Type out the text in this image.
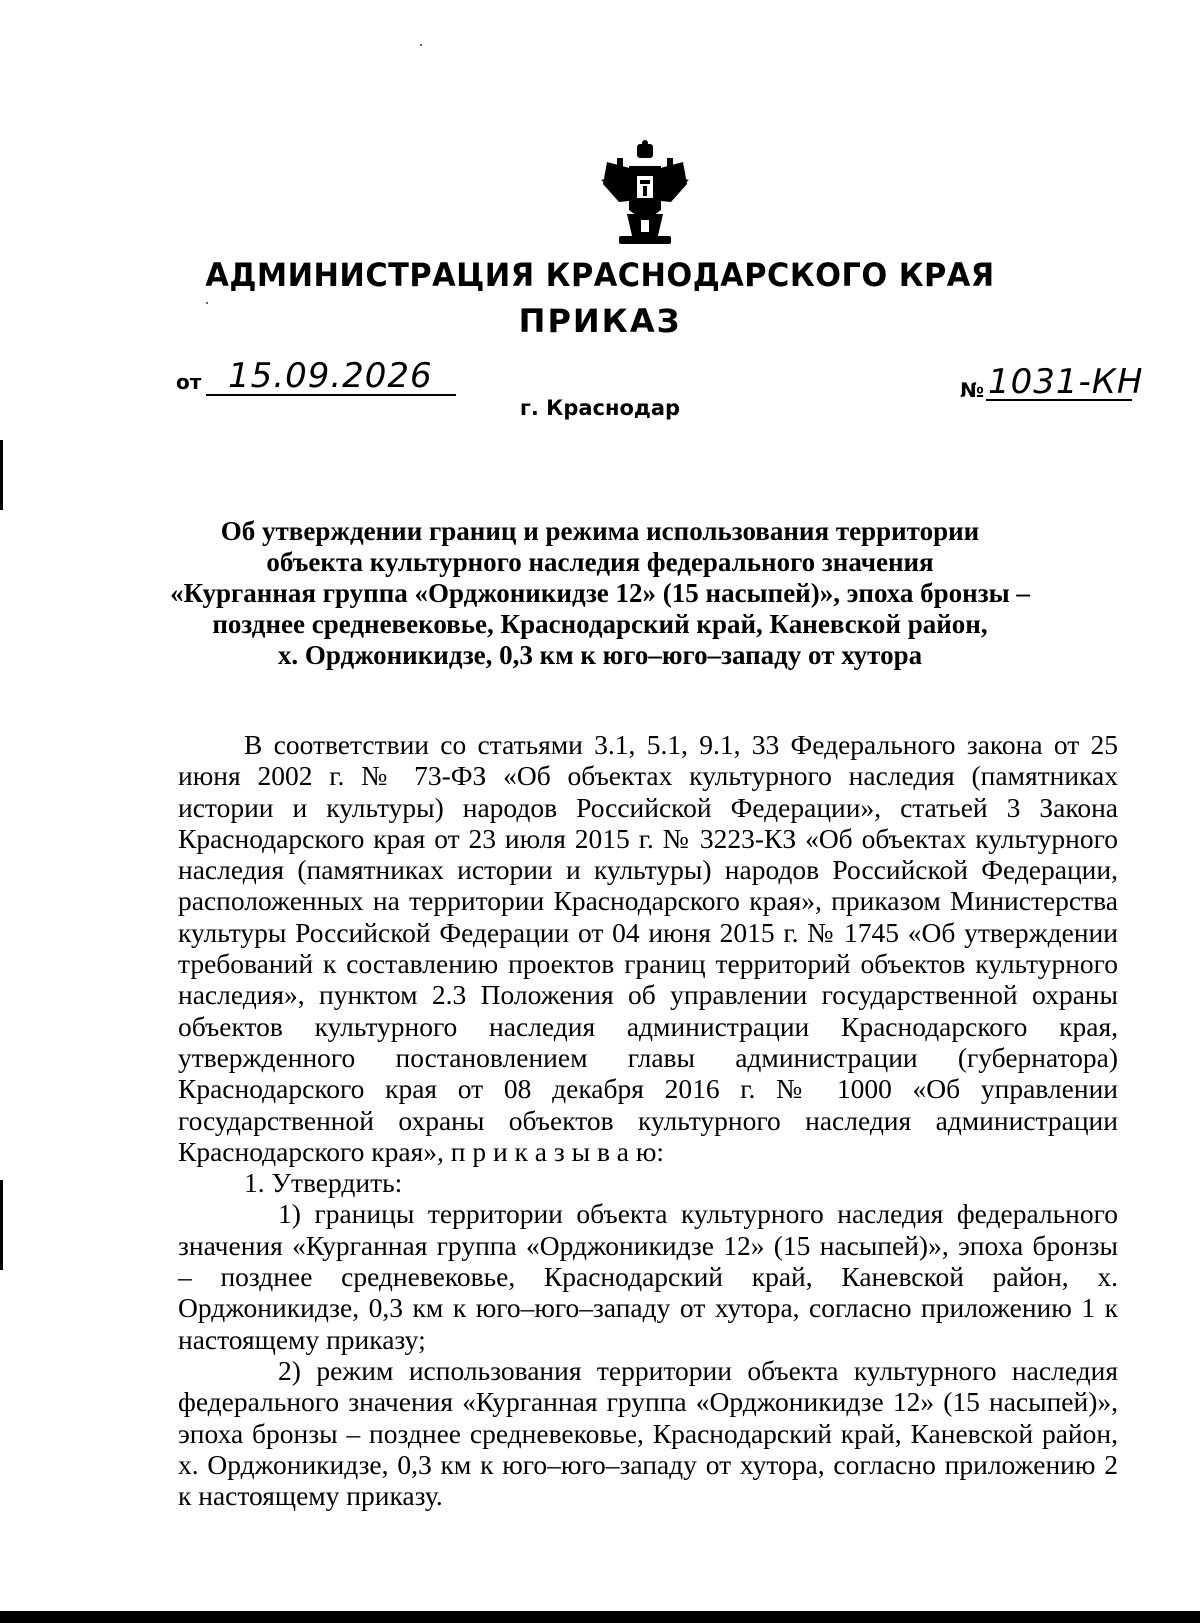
АДМИНИСТРАЦИЯ КРАСНОДАРСКОГО КРАЯ
ПРИКАЗ
от 15.09.2026	№ 1031-КН
г. Краснодар
Об утверждении границ и режима использования территории
объекта культурного наследия федерального значения
«Курганная группа «Орджоникидзе 12» (15 насыпей)», эпоха бронзы –
позднее средневековье, Краснодарский край, Каневской район,
х. Орджоникидзе, 0,3 км к юго–юго–западу от хутора

В соответствии со статьями 3.1, 5.1, 9.1, 33 Федерального закона от 25 июня 2002 г. № 73-ФЗ «Об объектах культурного наследия (памятниках истории и культуры) народов Российской Федерации», статьей 3 Закона Краснодарского края от 23 июля 2015 г. № 3223-КЗ «Об объектах культурного наследия (памятниках истории и культуры) народов Российской Федерации, расположенных на территории Краснодарского края», приказом Министерства культуры Российской Федерации от 04 июня 2015 г. № 1745 «Об утверждении требований к составлению проектов границ территорий объектов культурного наследия», пунктом 2.3 Положения об управлении государственной охраны объектов культурного наследия администрации Краснодарского края, утвержденного постановлением главы администрации (губернатора) Краснодарского края от 08 декабря 2016 г. № 1000 «Об управлении государственной охраны объектов культурного наследия администрации Краснодарского края», п р и к а з ы в а ю:

1. Утвердить:

1) границы территории объекта культурного наследия федерального значения «Курганная группа «Орджоникидзе 12» (15 насыпей)», эпоха бронзы – позднее средневековье, Краснодарский край, Каневской район, х. Орджоникидзе, 0,3 км к юго–юго–западу от хутора, согласно приложению 1 к настоящему приказу;

2) режим использования территории объекта культурного наследия федерального значения «Курганная группа «Орджоникидзе 12» (15 насыпей)», эпоха бронзы – позднее средневековье, Краснодарский край, Каневской район, х. Орджоникидзе, 0,3 км к юго–юго–западу от хутора, согласно приложению 2 к настоящему приказу.
